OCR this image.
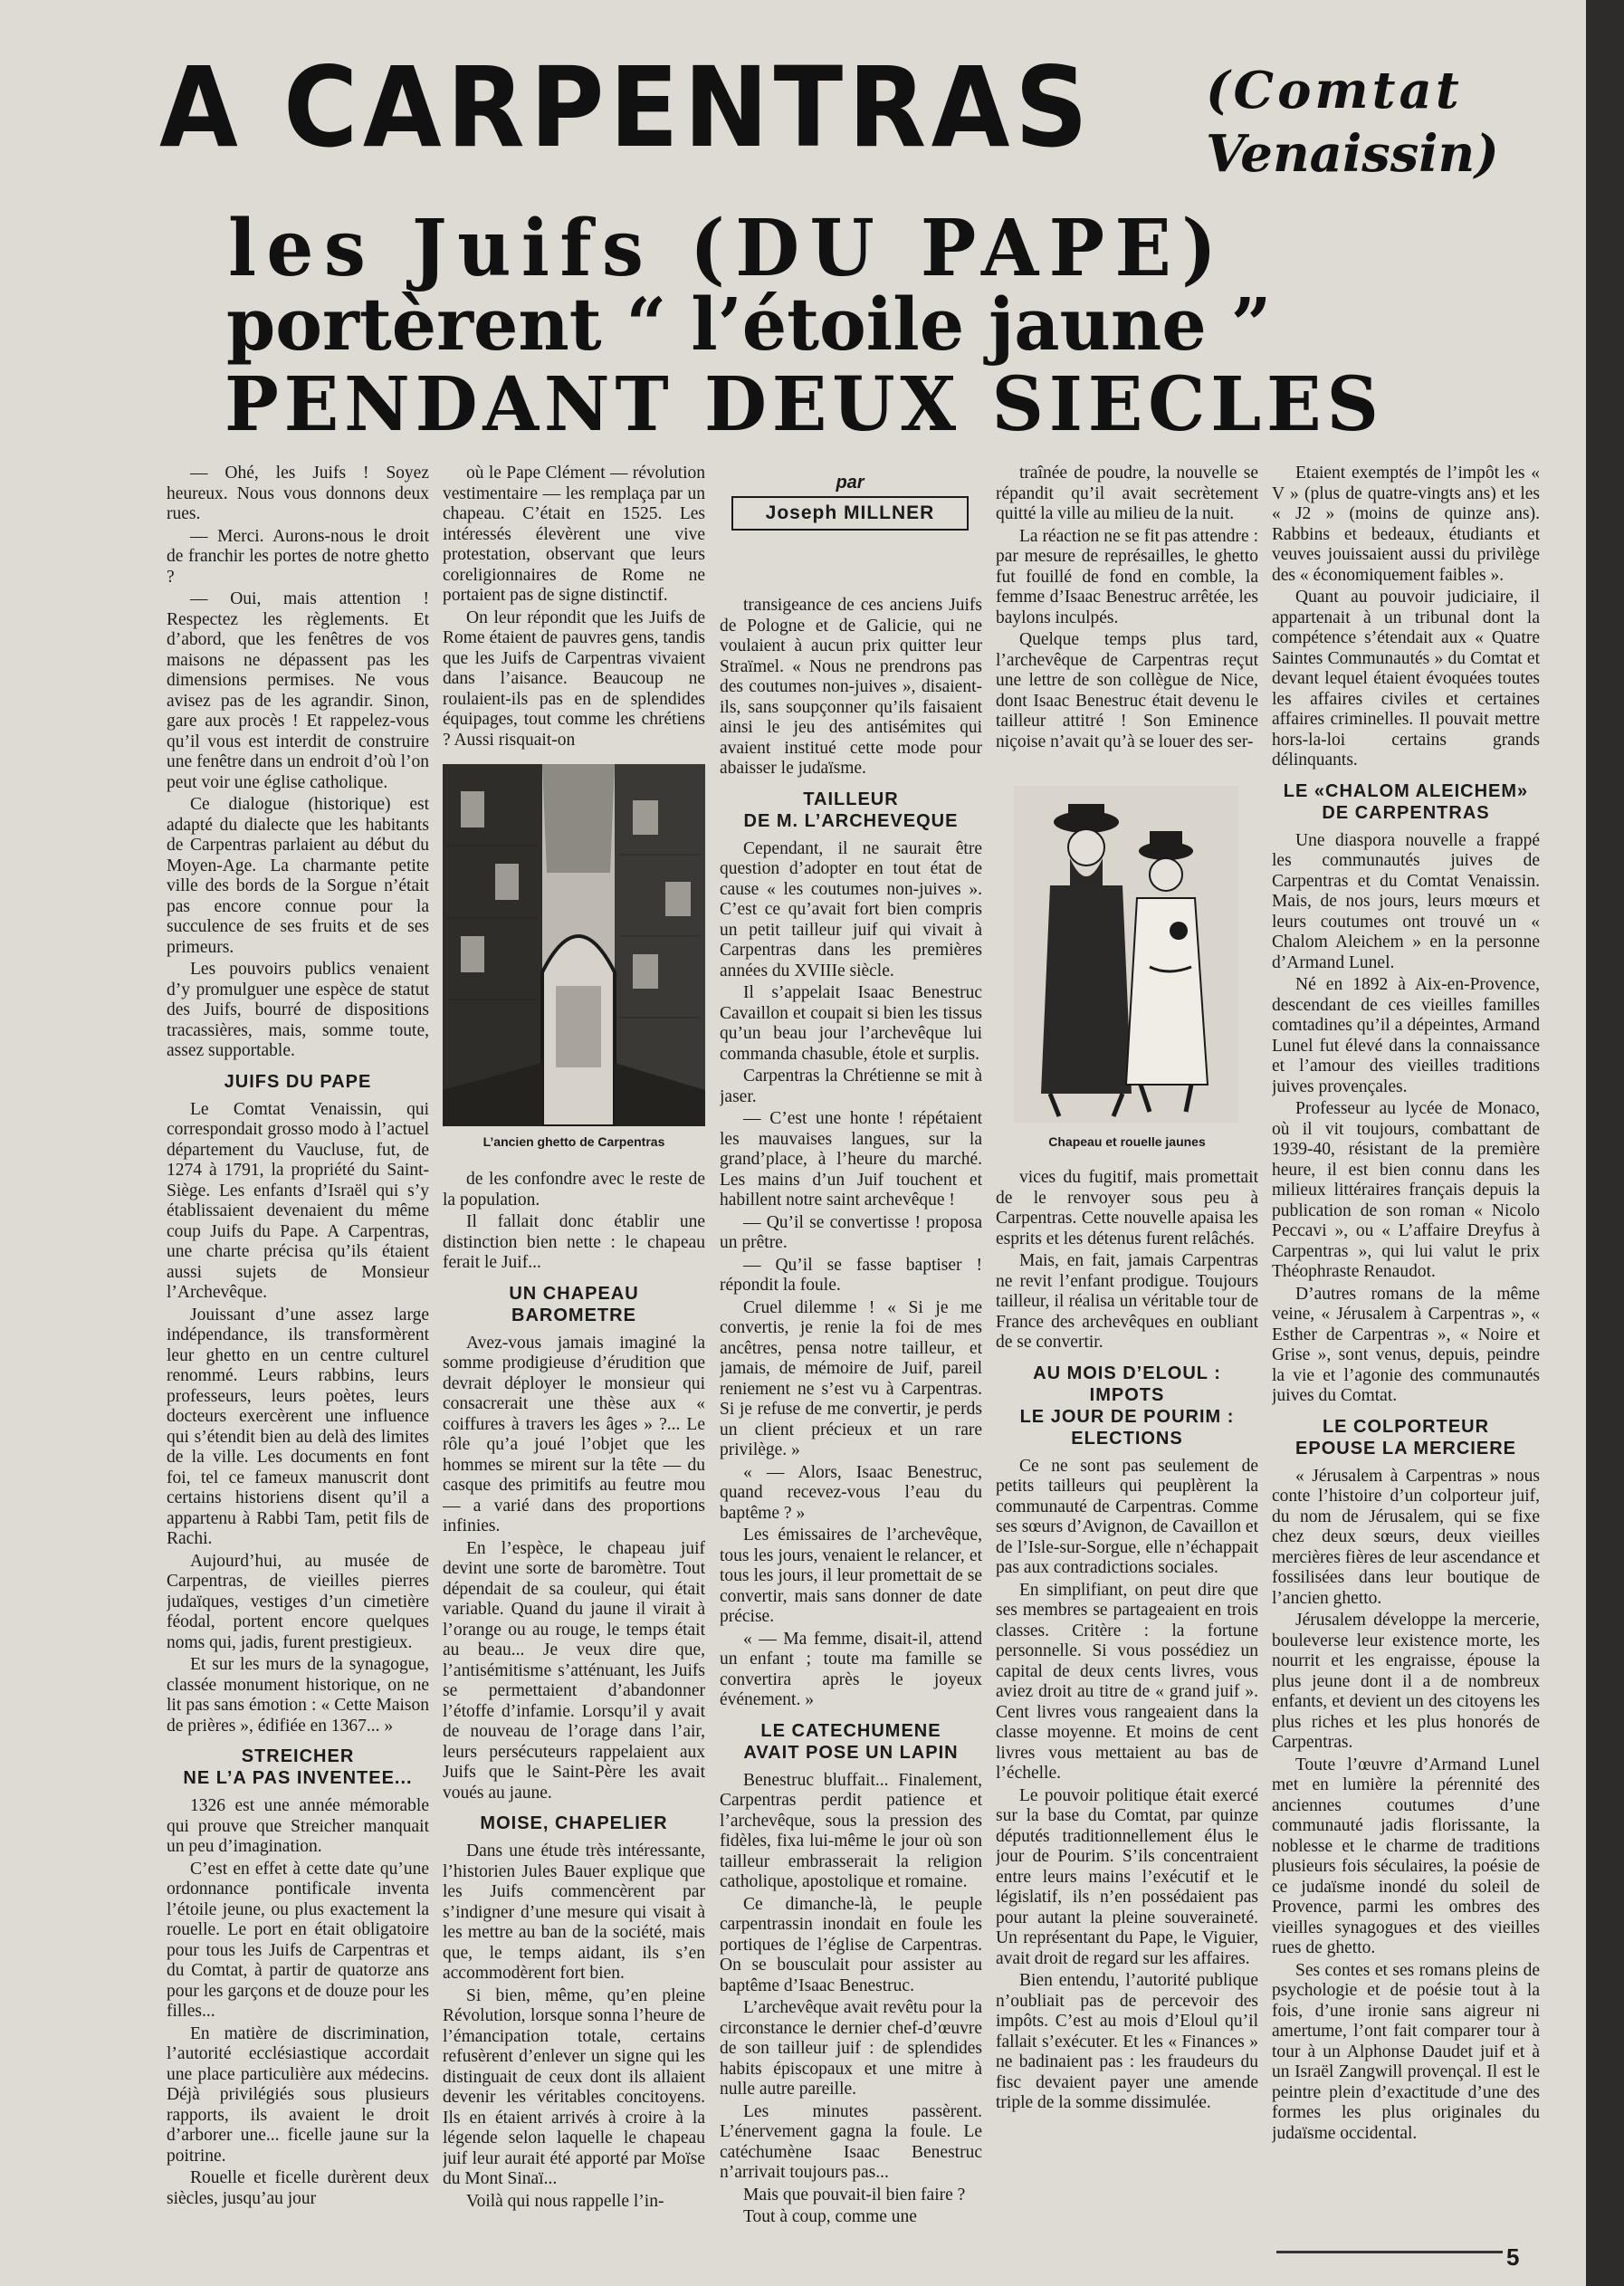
A CARPENTRAS (Comtat
Venaissin)
les Juifs (DU PAPE)
portèrent “ l’étoile jaune ”
PENDANT DEUX SIECLES

— Ohé, les Juifs ! Soyez heureux. Nous vous donnons deux rues.

— Merci. Aurons-nous le droit de franchir les portes de notre ghetto ?

— Oui, mais attention ! Respectez les règlements. Et d’abord, que les fenêtres de vos maisons ne dépassent pas les dimensions permises. Ne vous avisez pas de les agrandir. Sinon, gare aux procès ! Et rappelez-vous qu’il vous est interdit de construire une fenêtre dans un endroit d’où l’on peut voir une église catholique.

Ce dialogue (historique) est adapté du dialecte que les habitants de Carpentras parlaient au début du Moyen-Age. La charmante petite ville des bords de la Sorgue n’était pas encore connue pour la succulence de ses fruits et de ses primeurs.

Les pouvoirs publics venaient d’y promulguer une espèce de statut des Juifs, bourré de dispositions tracassières, mais, somme toute, assez supportable.

JUIFS DU PAPE

Le Comtat Venaissin, qui correspondait grosso modo à l’actuel département du Vaucluse, fut, de 1274 à 1791, la propriété du Saint-Siège. Les enfants d’Israël qui s’y établissaient devenaient du même coup Juifs du Pape. A Carpentras, une charte précisa qu’ils étaient aussi sujets de Monsieur l’Archevêque.

Jouissant d’une assez large indépendance, ils transformèrent leur ghetto en un centre culturel renommé. Leurs rabbins, leurs professeurs, leurs poètes, leurs docteurs exercèrent une influence qui s’étendit bien au delà des limites de la ville. Les documents en font foi, tel ce fameux manuscrit dont certains historiens disent qu’il a appartenu à Rabbi Tam, petit fils de Rachi.

Aujourd’hui, au musée de Carpentras, de vieilles pierres judaïques, vestiges d’un cimetière féodal, portent encore quelques noms qui, jadis, furent prestigieux.

Et sur les murs de la synagogue, classée monument historique, on ne lit pas sans émotion : « Cette Maison de prières », édifiée en 1367... »

STREICHER
NE L’A PAS INVENTEE...

1326 est une année mémorable qui prouve que Streicher manquait un peu d’imagination.

C’est en effet à cette date qu’une ordonnance pontificale inventa l’étoile jeune, ou plus exactement la rouelle. Le port en était obligatoire pour tous les Juifs de Carpentras et du Comtat, à partir de quatorze ans pour les garçons et de douze pour les filles...

En matière de discrimination, l’autorité ecclésiastique accordait une place particulière aux médecins. Déjà privilégiés sous plusieurs rapports, ils avaient le droit d’arborer une... ficelle jaune sur la poitrine.

Rouelle et ficelle durèrent deux siècles, jusqu’au jour

où le Pape Clément — révolution vestimentaire — les remplaça par un chapeau. C’était en 1525. Les intéressés élevèrent une vive protestation, observant que leurs coreligionnaires de Rome ne portaient pas de signe distinctif.

On leur répondit que les Juifs de Rome étaient de pauvres gens, tandis que les Juifs de Carpentras vivaient dans l’aisance. Beaucoup ne roulaient-ils pas en de splendides équipages, tout comme les chrétiens ? Aussi risquait-on

L’ancien ghetto de Carpentras

de les confondre avec le reste de la population.

Il fallait donc établir une distinction bien nette : le chapeau ferait le Juif...

UN CHAPEAU
BAROMETRE

Avez-vous jamais imaginé la somme prodigieuse d’érudition que devrait déployer le monsieur qui consacrerait une thèse aux « coiffures à travers les âges » ?... Le rôle qu’a joué l’objet que les hommes se mirent sur la tête — du casque des primitifs au feutre mou — a varié dans des proportions infinies.

En l’espèce, le chapeau juif devint une sorte de baromètre. Tout dépendait de sa couleur, qui était variable. Quand du jaune il virait à l’orange ou au rouge, le temps était au beau... Je veux dire que, l’antisémitisme s’atténuant, les Juifs se permettaient d’abandonner l’étoffe d’infamie. Lorsqu’il y avait de nouveau de l’orage dans l’air, leurs persécuteurs rappelaient aux Juifs que le Saint-Père les avait voués au jaune.

MOISE, CHAPELIER

Dans une étude très intéressante, l’historien Jules Bauer explique que les Juifs commencèrent par s’indigner d’une mesure qui visait à les mettre au ban de la société, mais que, le temps aidant, ils s’en accommodèrent fort bien.

Si bien, même, qu’en pleine Révolution, lorsque sonna l’heure de l’émancipation totale, certains refusèrent d’enlever un signe qui les distinguait de ceux dont ils allaient devenir les véritables concitoyens. Ils en étaient arrivés à croire à la légende selon laquelle le chapeau juif leur aurait été apporté par Moïse du Mont Sinaï...

Voilà qui nous rappelle l’in-

par
Joseph MILLNER

transigeance de ces anciens Juifs de Pologne et de Galicie, qui ne voulaient à aucun prix quitter leur Straïmel. « Nous ne prendrons pas des coutumes non-juives », disaient-ils, sans soupçonner qu’ils faisaient ainsi le jeu des antisémites qui avaient institué cette mode pour abaisser le judaïsme.

TAILLEUR
DE M. L’ARCHEVEQUE

Cependant, il ne saurait être question d’adopter en tout état de cause « les coutumes non-juives ». C’est ce qu’avait fort bien compris un petit tailleur juif qui vivait à Carpentras dans les premières années du XVIIIe siècle.

Il s’appelait Isaac Benestruc Cavaillon et coupait si bien les tissus qu’un beau jour l’archevêque lui commanda chasuble, étole et surplis.

Carpentras la Chrétienne se mit à jaser.

— C’est une honte ! répétaient les mauvaises langues, sur la grand’place, à l’heure du marché. Les mains d’un Juif touchent et habillent notre saint archevêque !

— Qu’il se convertisse ! proposa un prêtre.

— Qu’il se fasse baptiser ! répondit la foule.

Cruel dilemme ! « Si je me convertis, je renie la foi de mes ancêtres, pensa notre tailleur, et jamais, de mémoire de Juif, pareil reniement ne s’est vu à Carpentras. Si je refuse de me convertir, je perds un client précieux et un rare privilège. »

« — Alors, Isaac Benestruc, quand recevez-vous l’eau du baptême ? »

Les émissaires de l’archevêque, tous les jours, venaient le relancer, et tous les jours, il leur promettait de se convertir, mais sans donner de date précise.

« — Ma femme, disait-il, attend un enfant ; toute ma famille se convertira après le joyeux événement. »

LE CATECHUMENE
AVAIT POSE UN LAPIN

Benestruc bluffait... Finalement, Carpentras perdit patience et l’archevêque, sous la pression des fidèles, fixa lui-même le jour où son tailleur embrasserait la religion catholique, apostolique et romaine.

Ce dimanche-là, le peuple carpentrassin inondait en foule les portiques de l’église de Carpentras. On se bousculait pour assister au baptême d’Isaac Benestruc.

L’archevêque avait revêtu pour la circonstance le dernier chef-d’œuvre de son tailleur juif : de splendides habits épiscopaux et une mitre à nulle autre pareille.

Les minutes passèrent. L’énervement gagna la foule. Le catéchumène Isaac Benestruc n’arrivait toujours pas...

Mais que pouvait-il bien faire ?

Tout à coup, comme une

traînée de poudre, la nouvelle se répandit qu’il avait secrètement quitté la ville au milieu de la nuit.

La réaction ne se fit pas attendre : par mesure de représailles, le ghetto fut fouillé de fond en comble, la femme d’Isaac Benestruc arrêtée, les baylons inculpés.

Quelque temps plus tard, l’archevêque de Carpentras reçut une lettre de son collègue de Nice, dont Isaac Benestruc était devenu le tailleur attitré ! Son Eminence niçoise n’avait qu’à se louer des ser-

Chapeau et rouelle jaunes

vices du fugitif, mais promettait de le renvoyer sous peu à Carpentras. Cette nouvelle apaisa les esprits et les détenus furent relâchés.

Mais, en fait, jamais Carpentras ne revit l’enfant prodigue. Toujours tailleur, il réalisa un véritable tour de France des archevêques en oubliant de se convertir.

AU MOIS D’ELOUL :
IMPOTS
LE JOUR DE POURIM :
ELECTIONS

Ce ne sont pas seulement de petits tailleurs qui peuplèrent la communauté de Carpentras. Comme ses sœurs d’Avignon, de Cavaillon et de l’Isle-sur-Sorgue, elle n’échappait pas aux contradictions sociales.

En simplifiant, on peut dire que ses membres se partageaient en trois classes. Critère : la fortune personnelle. Si vous possédiez un capital de deux cents livres, vous aviez droit au titre de « grand juif ». Cent livres vous rangeaient dans la classe moyenne. Et moins de cent livres vous mettaient au bas de l’échelle.

Le pouvoir politique était exercé sur la base du Comtat, par quinze députés traditionnellement élus le jour de Pourim. S’ils concentraient entre leurs mains l’exécutif et le législatif, ils n’en possédaient pas pour autant la pleine souveraineté. Un représentant du Pape, le Viguier, avait droit de regard sur les affaires.

Bien entendu, l’autorité publique n’oubliait pas de percevoir des impôts. C’est au mois d’Eloul qu’il fallait s’exécuter. Et les « Finances » ne badinaient pas : les fraudeurs du fisc devaient payer une amende triple de la somme dissimulée.

Etaient exemptés de l’impôt les « V » (plus de quatre-vingts ans) et les « J2 » (moins de quinze ans). Rabbins et bedeaux, étudiants et veuves jouissaient aussi du privilège des « économiquement faibles ».

Quant au pouvoir judiciaire, il appartenait à un tribunal dont la compétence s’étendait aux « Quatre Saintes Communautés » du Comtat et devant lequel étaient évoquées toutes les affaires civiles et certaines affaires criminelles. Il pouvait mettre hors-la-loi certains grands délinquants.

LE «CHALOM ALEICHEM»
DE CARPENTRAS

Une diaspora nouvelle a frappé les communautés juives de Carpentras et du Comtat Venaissin. Mais, de nos jours, leurs mœurs et leurs coutumes ont trouvé un « Chalom Aleichem » en la personne d’Armand Lunel.

Né en 1892 à Aix-en-Provence, descendant de ces vieilles familles comtadines qu’il a dépeintes, Armand Lunel fut élevé dans la connaissance et l’amour des vieilles traditions juives provençales.

Professeur au lycée de Monaco, où il vit toujours, combattant de 1939-40, résistant de la première heure, il est bien connu dans les milieux littéraires français depuis la publication de son roman « Nicolo Peccavi », ou « L’affaire Dreyfus à Carpentras », qui lui valut le prix Théophraste Renaudot.

D’autres romans de la même veine, « Jérusalem à Carpentras », « Esther de Carpentras », « Noire et Grise », sont venus, depuis, peindre la vie et l’agonie des communautés juives du Comtat.

LE COLPORTEUR
EPOUSE LA MERCIERE

« Jérusalem à Carpentras » nous conte l’histoire d’un colporteur juif, du nom de Jérusalem, qui se fixe chez deux sœurs, deux vieilles mercières fières de leur ascendance et fossilisées dans leur boutique de l’ancien ghetto.

Jérusalem développe la mercerie, bouleverse leur existence morte, les nourrit et les engraisse, épouse la plus jeune dont il a de nombreux enfants, et devient un des citoyens les plus riches et les plus honorés de Carpentras.

Toute l’œuvre d’Armand Lunel met en lumière la pérennité des anciennes coutumes d’une communauté jadis florissante, la noblesse et le charme de traditions plusieurs fois séculaires, la poésie de ce judaïsme inondé du soleil de Provence, parmi les ombres des vieilles synagogues et des vieilles rues de ghetto.

Ses contes et ses romans pleins de psychologie et de poésie tout à la fois, d’une ironie sans aigreur ni amertume, l’ont fait comparer tour à tour à un Alphonse Daudet juif et à un Israël Zangwill provençal. Il est le peintre plein d’exactitude d’une des formes les plus originales du judaïsme occidental.

5
